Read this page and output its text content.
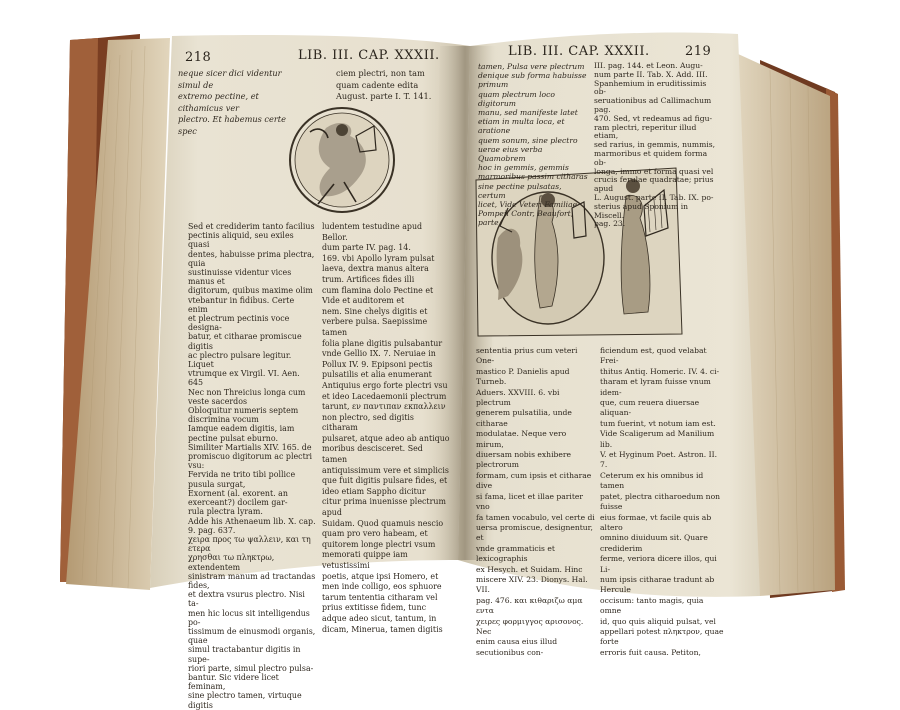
218	LIB. III. CAP. XXXII.
neque sicer dici videntur simul de
extremo pectine, et cithamicus ver
plectro. Et habemus certe spec
ciem plectri, non tam
quam cadente edita
August. parte I. T. 141.
Sed et crediderim tanto facilius
pectinis aliquid, seu exiles quasi
dentes, habuisse prima plectra, quia
sustinuisse videntur vices manus et
digitorum, quibus maxime olim
vtebantur in fidibus. Certe enim
et plectrum pectinis voce designa-
batur, et citharae promiscue digitis
ac plectro pulsare legitur. Liquet
vtrumque ex Virgil. VI. Aen. 645
Nec non Threicius longa cum
veste sacerdos
Obloquitur numeris septem
discrimina vocum
Iamque eadem digitis, iam
pectine pulsat eburno.
Similiter Martialis XIV. 165. de
promiscuo digitorum ac plectri vsu:
Fervida ne trito tibi pollice
pusula surgat,
Exornent (al. exorent. an
exerceant?) docilem gar-
rula plectra lyram.
Adde his Athenaeum lib. X. cap.
9. pag. 637.
χειρα προς τω ψαλλειν, και τη ετερα
χρησθαι τω πληκτρω, extendentem
sinistram manum ad tractandas fides,
et dextra vsurus plectro. Nisi ta-
men hic locus sit intelligendus po-
tissimum de einusmodi organis, quae
simul tractabantur digitis in supe-
riori parte, simul plectro pulsa-
bantur. Sic videre licet feminam,
sine plectro tamen, virtuque digitis
ludentem testudine apud Bellor.
dum parte IV. pag. 14.
169. vbi Apollo lyram pulsat
laeva, dextra manus altera
trum. Artifices fides illi
cum flamina dolo Pectine et
Vide et auditorem et
nem. Sine chelys digitis et
verbere pulsa. Saepissime tamen
folia plane digitis pulsabantur
vnde Gellio IX. 7. Neruiae in
Pollux IV. 9. Epipsoni pectis
pulsatilis et alia enumerant
Antiquius ergo forte plectri vsu
et ideo Lacedaemonii plectrum
tarunt, εν παντιπαν εκπαλλειν
non plectro, sed digitis citharam
pulsaret, atque adeo ab antiquo
moribus descisceret. Sed tamen
antiquissimum vere et simplicis
que fuit digitis pulsare fides, et
ideo etiam Sappho dicitur
citur prima inuenisse plectrum apud
Suidam. Quod quamuis nescio
quam pro vero habeam, et
quitorem longe plectri vsum
memorati quippe iam vetustissimi
poetis, atque ipsi Homero, et
men inde colligo, eos sphuore
tarum tententia citharam vel
prius extitisse fidem, tunc
adque adeo sicut, tantum, in
dicam, Minerua, tamen digitis
LIB. III. CAP. XXXII.	219
tamen, Pulsa vere plectrum
denique sub forma habuisse primum
quam plectrum loco digitorum
manu, sed manifeste latet
etiam in multa loca, et aratione
quem sonum, sine plectro
uerae eius verba Quamobrem
hoc in gemmis, gemmis
marmoribus passim citharas
sine pectine pulsatas, certum
licet, Vide Veteri Familiae
Pompeii Contr, Beaufort, parte
III. pag. 144. et Leon. Augu-
num parte II. Tab. X. Add. III.
Spanhemium in eruditissimis ob-
seruationibus ad Callimachum pag.
470. Sed, vt redeamus ad figu-
ram plectri, reperitur illud etiam,
sed rarius, in gemmis, nummis,
marmoribus et quidem forma ob-
longa, immo et forma quasi vel
crucis ferulae quadratae; prius apud
L. August. parte II. Tab. IX. po-
sterius apud Sponium in Miscell.
pag. 23.
sententia prius cum veteri One-
mastico P. Danielis apud Turneb.
Aduers. XXVIII. 6. vbi plectrum
generem pulsatilia, unde citharae
modulatae. Neque vero mirum,
diuersam nobis exhibere plectrorum
formam, cum ipsis et citharae dive
si fama, licet et illae pariter vno
fa tamen vocabulo, vel certe di
uersa promiscue, designentur, et
vnde grammaticis et lexicographis
ex Hesych. et Suidam. Hinc
miscere XIV. 23. Dionys. Hal. VII.
pag. 476. και κιθαριζω αμα εντα
χειρες φορμιγγος αρισονος. Nec
enim causa eius illud secutionibus con-
ficiendum est, quod velabat Frei-
thitus Antiq. Homeric. IV. 4. ci-
tharam et lyram fuisse vnum idem-
que, cum reuera diuersae aliquan-
tum fuerint, vt notum iam est.
Vide Scaligerum ad Manilium lib.
V. et Hyginum Poet. Astron. II. 7.
Ceterum ex his omnibus id tamen
patet, plectra citharoedum non fuisse
eius formae, vt facile quis ab altero
omnino diuiduum sit. Quare crediderim
ferme, veriora dicere illos, qui Li-
num ipsis citharae tradunt ab Hercule
occisum: tanto magis, quia omne
id, quo quis aliquid pulsat, vel
appellari potest πληκτρον, quae forte
erroris fuit causa. Petiton,
